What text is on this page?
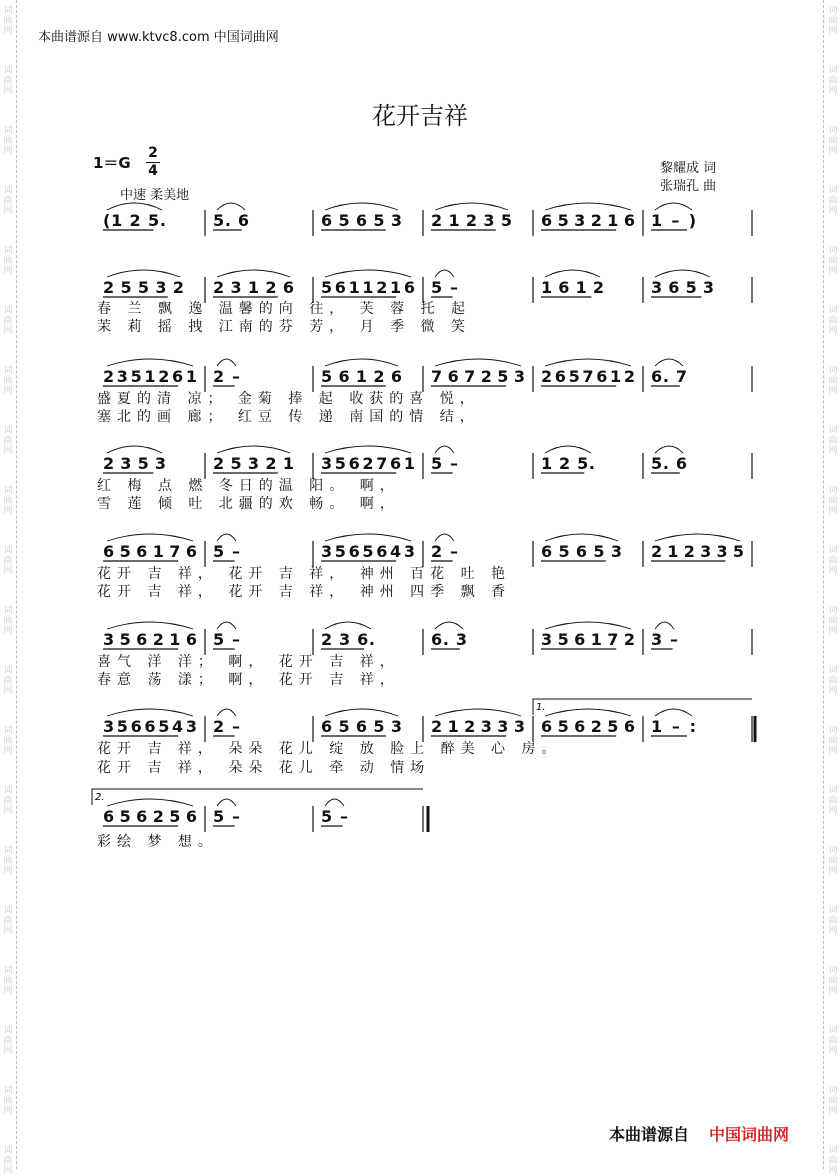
词
曲
网
词
曲
网
词
曲
网
词
曲
网
词
曲
网
词
曲
网
词
曲
网
词
曲
网
词
曲
网
词
曲
网
词
曲
网
词
曲
网
词
曲
网
词
曲
网
词
曲
网
词
曲
网
词
曲
网
词
曲
网
词
曲
网
词
曲
网
词
曲
网
词
曲
网
词
曲
网
词
曲
网
词
曲
网
词
曲
网
词
曲
网
词
曲
网
词
曲
网
词
曲
网
词
曲
网
词
曲
网
词
曲
网
词
曲
网
词
曲
网
词
曲
网
词
曲
网
词
曲
网
词
曲
网
词
曲
网
本曲谱源自 www.ktvc8.com 中国词曲网
花开吉祥
1＝G
2
4
中速 柔美地
黎耀成 词
张瑞孔 曲
(1 2 5.	5. 6	6 5 6 5 3 2 1 2 3 5 6 5 3 2 1 6 1 – )
2 5 5 3 2 2 3 1 2 6 5 6 1 1 2 1 6 5 –	1 6 1 2	3 6 5 3
2 3 5 1 2 6 1 2 –	5 6 1 2 6 7 6 7 2 5 3 2 6 5 7 6 1 2 6. 7
2 3 5 3	2 5 3 2 1 3 5 6 2 7 6 1 5 –	1 2 5.	5. 6
6 5 6 1 7 6 5 –	3 5 6 5 6 4 3 2 –	6 5 6 5 3 2 1 2 3 3 5
3 5 6 2 1 6 5 –	2 3 6.	6. 3	3 5 6 1 7 2 3 –
3 5 6 6 5 4 3 2 –	6 5 6 5 3 2 1 2 3 3 3 6 5 6 2 5 6 1 – :
1.
6 5 6 2 5 6 5 –	5 –
2.
春 兰 飘 逸 温馨的向 往， 芙 蓉 托 起
茉 莉 摇 拽 江南的芬 芳， 月 季 微 笑
盛夏的清 凉； 金菊 捧 起 收获的喜 悦，
塞北的画 廊； 红豆 传 递 南国的情 结，
红 梅 点 燃 冬日的温 阳。 啊，
雪 莲 倾 吐 北疆的欢 畅。 啊，
花开 吉 祥， 花开 吉 祥， 神州 百花 吐 艳
花开 吉 祥， 花开 吉 祥， 神州 四季 飘 香
喜气 洋 洋； 啊， 花开 吉 祥，
春意 荡 漾； 啊， 花开 吉 祥，
花开 吉 祥， 朵朵 花儿 绽 放 脸上 醉美 心 房。
花开 吉 祥， 朵朵 花儿 牵 动 情场
彩绘 梦 想。
本曲谱源自 中国词曲网
